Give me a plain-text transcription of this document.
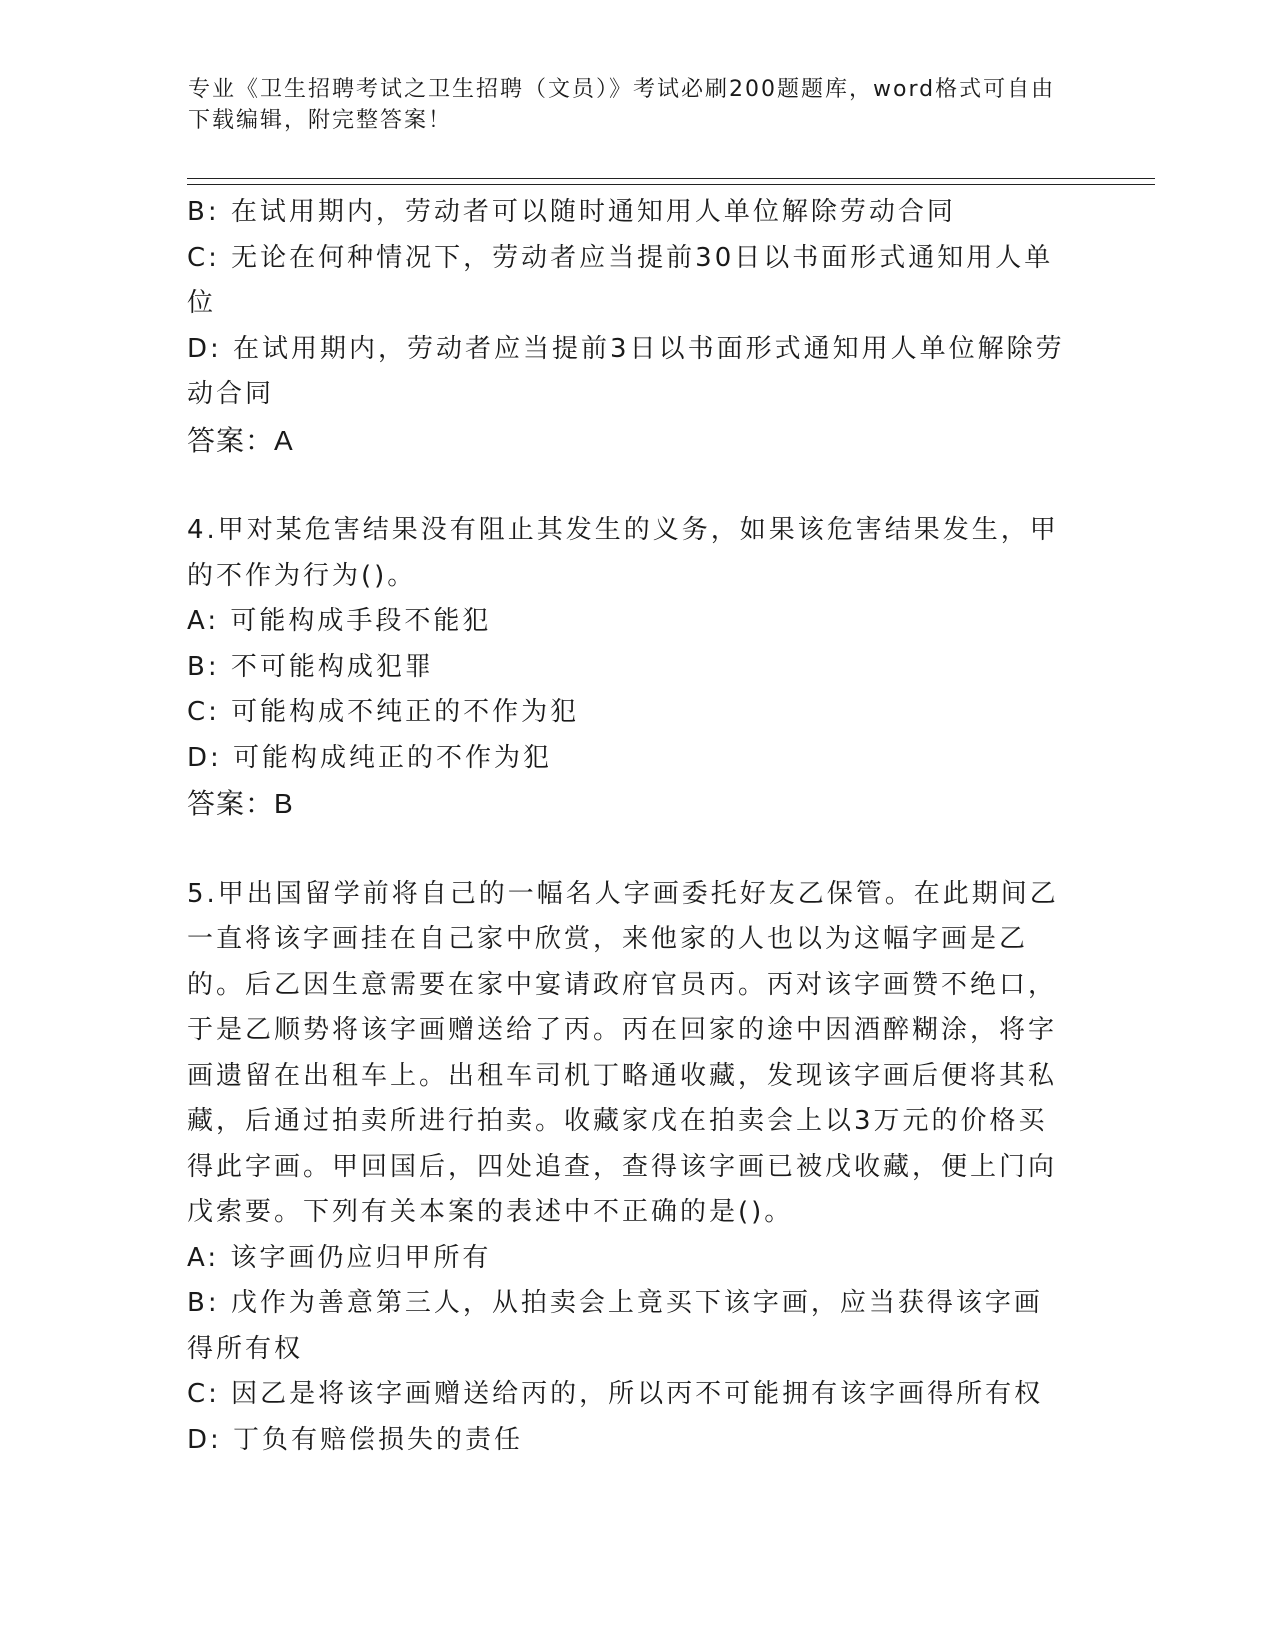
专业《卫生招聘考试之卫生招聘（文员）》考试必刷200题题库，word格式可自由下载编辑，附完整答案！

B: 在试用期内，劳动者可以随时通知用人单位解除劳动合同

C: 无论在何种情况下，劳动者应当提前30日以书面形式通知用人单位

D: 在试用期内，劳动者应当提前3日以书面形式通知用人单位解除劳动合同

答案：A

4.甲对某危害结果没有阻止其发生的义务，如果该危害结果发生，甲的不作为行为()。

A: 可能构成手段不能犯

B: 不可能构成犯罪

C: 可能构成不纯正的不作为犯

D: 可能构成纯正的不作为犯

答案：B

5.甲出国留学前将自己的一幅名人字画委托好友乙保管。在此期间乙一直将该字画挂在自己家中欣赏，来他家的人也以为这幅字画是乙的。后乙因生意需要在家中宴请政府官员丙。丙对该字画赞不绝口，于是乙顺势将该字画赠送给了丙。丙在回家的途中因酒醉糊涂，将字画遗留在出租车上。出租车司机丁略通收藏，发现该字画后便将其私藏，后通过拍卖所进行拍卖。收藏家戊在拍卖会上以3万元的价格买得此字画。甲回国后，四处追查，查得该字画已被戊收藏，便上门向戊索要。下列有关本案的表述中不正确的是()。

A: 该字画仍应归甲所有

B: 戊作为善意第三人，从拍卖会上竟买下该字画，应当获得该字画得所有权

C: 因乙是将该字画赠送给丙的，所以丙不可能拥有该字画得所有权

D: 丁负有赔偿损失的责任
